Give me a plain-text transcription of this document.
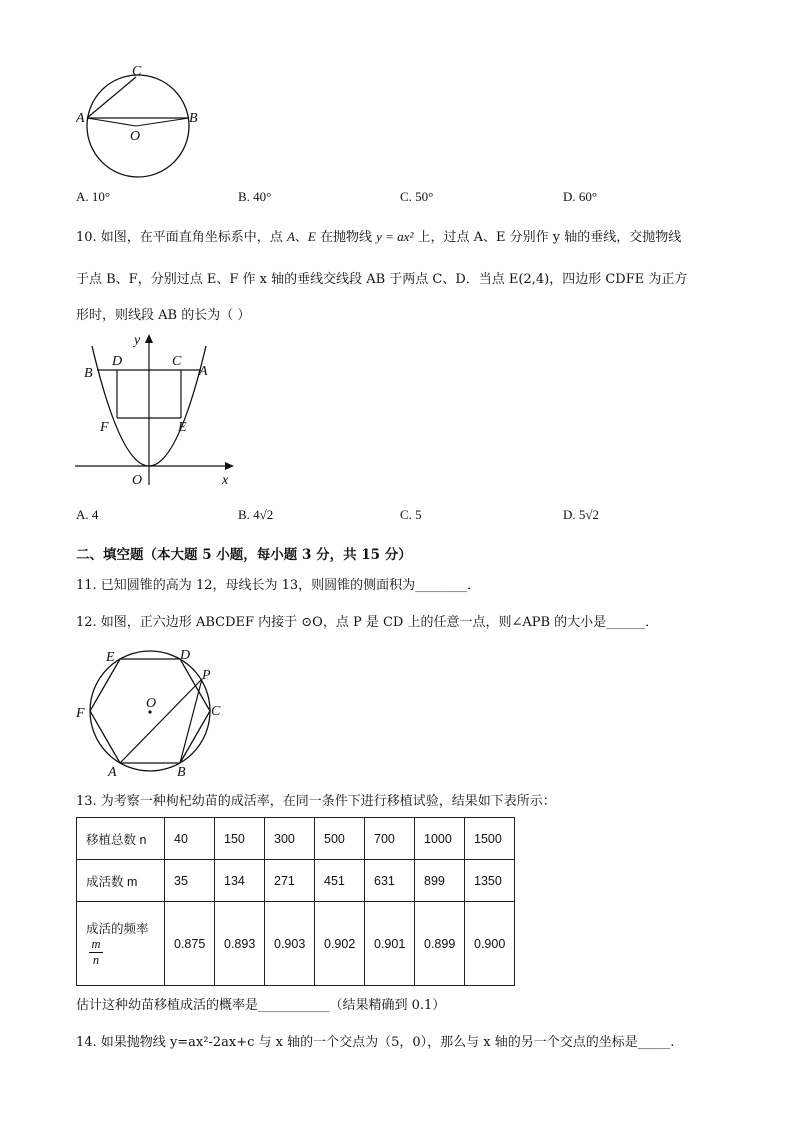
C
A
O
B
A. 10°	B. 40°	C. 50°	D. 60°
10. 如图，在平面直角坐标系中，点 A、E 在抛物线 y = ax² 上，过点 A、E 分别作 y 轴的垂线，交抛物线
于点 B、F，分别过点 E、F 作 x 轴的垂线交线段 AB 于两点 C、D．当点 E(2,4)，四边形 CDFE 为正方
形时，则线段 AB 的长为（ ）
y
D	C
B	A
F	E
O	x
A. 4	B. 4√2	C. 5	D. 5√2
二、填空题（本大题 5 小题，每小题 3 分，共 15 分）
11. 已知圆锥的高为 12，母线长为 13，则圆锥的侧面积为________．
12. 如图，正六边形 ABCDEF 内接于 ⊙O，点 P 是 CD 上的任意一点，则∠APB 的大小是______．
E	D
P
O
F	C
A	B
13. 为考察一种枸杞幼苗的成活率，在同一条件下进行移植试验，结果如下表所示：
移植总数 n	40	150	300	500	700	1000	1500
成活数 m	35	134	271	451	631	899	1350

成活的频率
$\frac{m}{n}$	0.875	0.893	0.903	0.902	0.901	0.899	0.900
估计这种幼苗移植成活的概率是___________（结果精确到 0.1）
14. 如果抛物线 y=ax²-2ax+c 与 x 轴的一个交点为（5，0），那么与 x 轴的另一个交点的坐标是_____.
